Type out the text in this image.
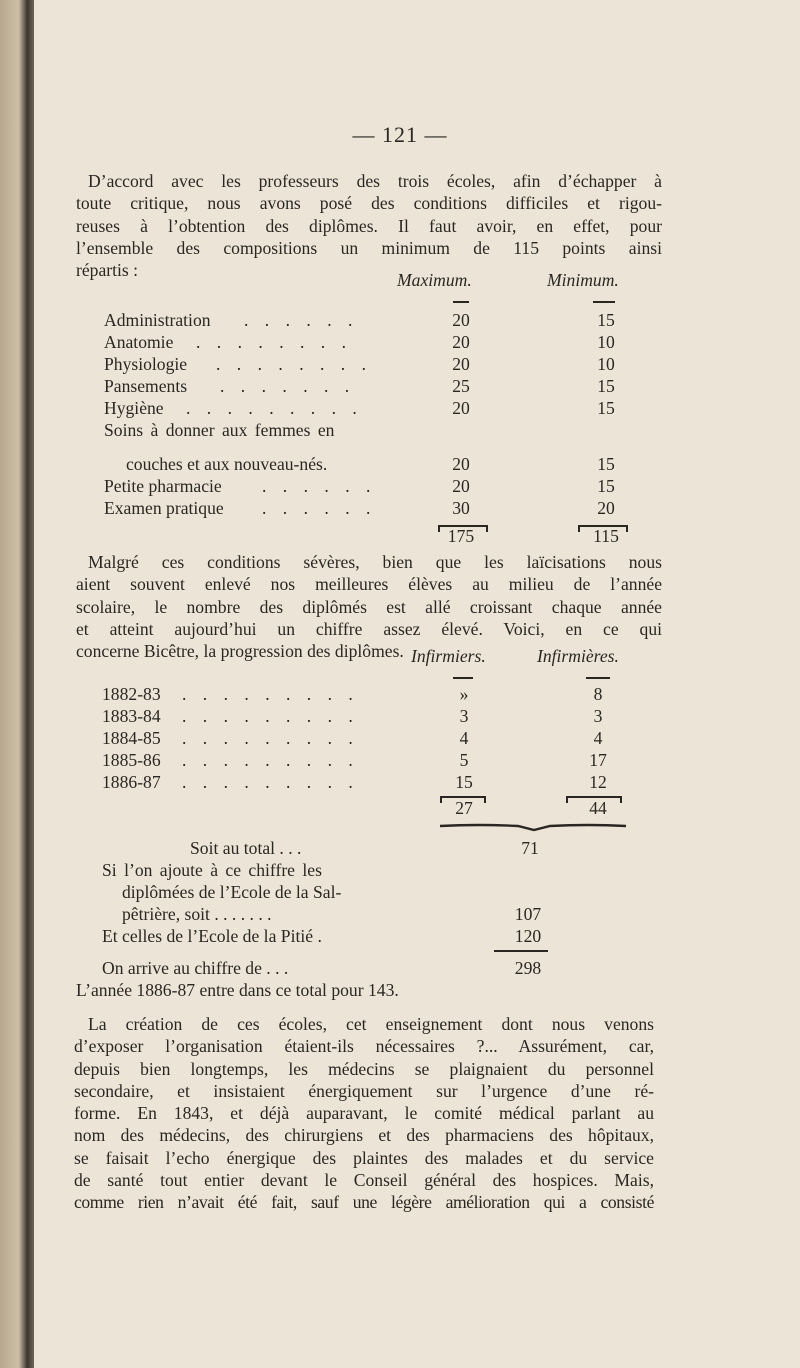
— 121 —
D’accord avec les professeurs des trois écoles, afin d’échapper à
toute critique, nous avons posé des conditions difficiles et rigou-
reuses à l’obtention des diplômes. Il faut avoir, en effet, pour
l’ensemble des compositions un minimum de 115 points ainsi
répartis :	Maximum.	Minimum.
Administration . . . . . .	20	15
Anatomie . . . . . . . .	20	10
Physiologie . . . . . . . .	20	10
Pansements . . . . . . .	25	15
Hygiène . . . . . . . . .	20	15
Soins à donner aux femmes en
couches et aux nouveau-nés.	20	15
Petite pharmacie . . . . . .	20	15
Examen pratique . . . . . .	30	20
175	115
Malgré ces conditions sévères, bien que les laïcisations nous
aient souvent enlevé nos meilleures élèves au milieu de l’année
scolaire, le nombre des diplômés est allé croissant chaque année
et atteint aujourd’hui un chiffre assez élevé. Voici, en ce qui
concerne Bicêtre, la progression des diplômes. Infirmiers.	Infirmières.
1882-83 . . . . . . . . .	»	8
1883-84 . . . . . . . . .	3	3
1884-85 . . . . . . . . .	4	4
1885-86 . . . . . . . . .	5	17
1886-87 . . . . . . . . .	15	12
27	44
Soit au total . . .	71
Si l’on ajoute à ce chiffre les
diplômées de l’Ecole de la Sal-
pêtrière, soit . . . . . . .	107
Et celles de l’Ecole de la Pitié .	120
On arrive au chiffre de . . .	298
L’année 1886-87 entre dans ce total pour 143.
La création de ces écoles, cet enseignement dont nous venons
d’exposer l’organisation étaient-ils nécessaires ?... Assurément, car,
depuis bien longtemps, les médecins se plaignaient du personnel
secondaire, et insistaient énergiquement sur l’urgence d’une ré-
forme. En 1843, et déjà auparavant, le comité médical parlant au
nom des médecins, des chirurgiens et des pharmaciens des hôpitaux,
se faisait l’echo énergique des plaintes des malades et du service
de santé tout entier devant le Conseil général des hospices. Mais,
comme rien n’avait été fait, sauf une légère amélioration qui a consisté
